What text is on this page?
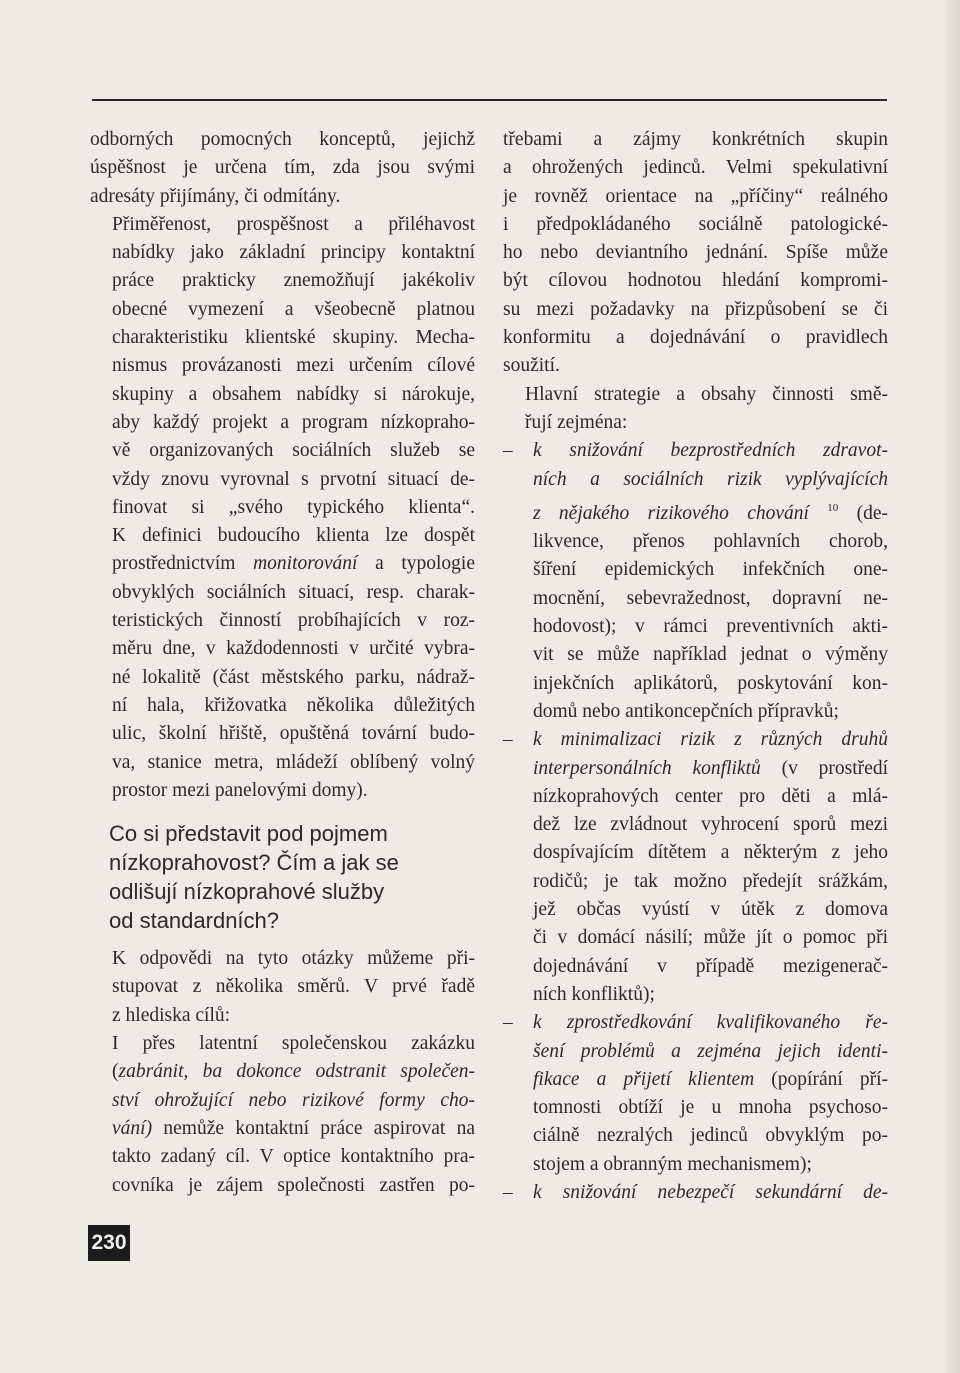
odborných pomocných konceptů, jejichž
úspěšnost je určena tím, zda jsou svými
adresáty přijímány, či odmítány.

Přiměřenost, prospěšnost a přiléhavost
nabídky jako základní principy kontaktní
práce prakticky znemožňují jakékoliv
obecné vymezení a všeobecně platnou
charakteristiku klientské skupiny. Mecha-
nismus provázanosti mezi určením cílové
skupiny a obsahem nabídky si nárokuje,
aby každý projekt a program nízkopraho-
vě organizovaných sociálních služeb se
vždy znovu vyrovnal s prvotní situací de-
finovat si „svého typického klienta“.
K definici budoucího klienta lze dospět
prostřednictvím monitorování a typologie
obvyklých sociálních situací, resp. charak-
teristických činností probíhajících v roz-
měru dne, v každodennosti v určité vybra-
né lokalitě (část městského parku, nádraž-
ní hala, křižovatka několika důležitých
ulic, školní hřiště, opuštěná tovární budo-
va, stanice metra, mládeží oblíbený volný
prostor mezi panelovými domy).

Co si představit pod pojmem
nízkoprahovost? Čím a jak se
odlišují nízkoprahové služby
od standardních?

K odpovědi na tyto otázky můžeme při-
stupovat z několika směrů. V prvé řadě
z hlediska cílů:

I přes latentní společenskou zakázku
(zabránit, ba dokonce odstranit společen-
ství ohrožující nebo rizikové formy cho-
vání) nemůže kontaktní práce aspirovat na
takto zadaný cíl. V optice kontaktního pra-
covníka je zájem společnosti zastřen po-

třebami a zájmy konkrétních skupin
a ohrožených jedinců. Velmi spekulativní
je rovněž orientace na „příčiny“ reálného
i předpokládaného sociálně patologické-
ho nebo deviantního jednání. Spíše může
být cílovou hodnotou hledání kompromi-
su mezi požadavky na přizpůsobení se či
konformitu a dojednávání o pravidlech
soužití.

Hlavní strategie a obsahy činnosti smě-
řují zejména:

– k snižování bezprostředních zdravot-
ních a sociálních rizik vyplývajících
z nějakého rizikového chování $^{10}$ (de-
likvence, přenos pohlavních chorob,
šíření epidemických infekčních one-
mocnění, sebevražednost, dopravní ne-
hodovost); v rámci preventivních akti-
vit se může například jednat o výměny
injekčních aplikátorů, poskytování kon-
domů nebo antikoncepčních přípravků;
– k minimalizaci rizik z různých druhů
interpersonálních konfliktů (v prostředí
nízkoprahových center pro děti a mlá-
dež lze zvládnout vyhrocení sporů mezi
dospívajícím dítětem a některým z jeho
rodičů; je tak možno předejít srážkám,
jež občas vyústí v útěk z domova
či v domácí násilí; může jít o pomoc při
dojednávání v případě mezigenerač-
ních konfliktů);
– k zprostředkování kvalifikovaného ře-
šení problémů a zejména jejich identi-
fikace a přijetí klientem (popírání pří-
tomnosti obtíží je u mnoha psychoso-
ciálně nezralých jedinců obvyklým po-
stojem a obranným mechanismem);
– k snižování nebezpečí sekundární de-
230
